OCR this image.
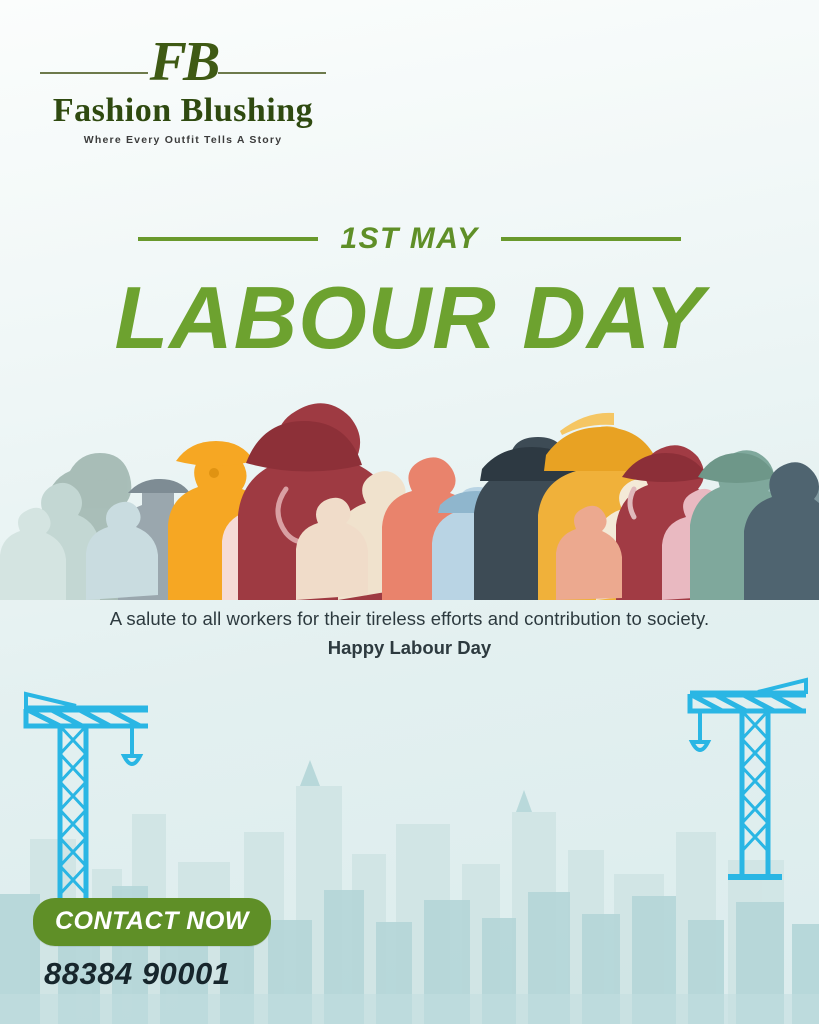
FB
Fashion Blushing
Where Every Outfit Tells A Story
1ST MAY
LABOUR DAY
A salute to all workers for their tireless efforts and contribution to society.
Happy Labour Day
CONTACT NOW
88384 90001
